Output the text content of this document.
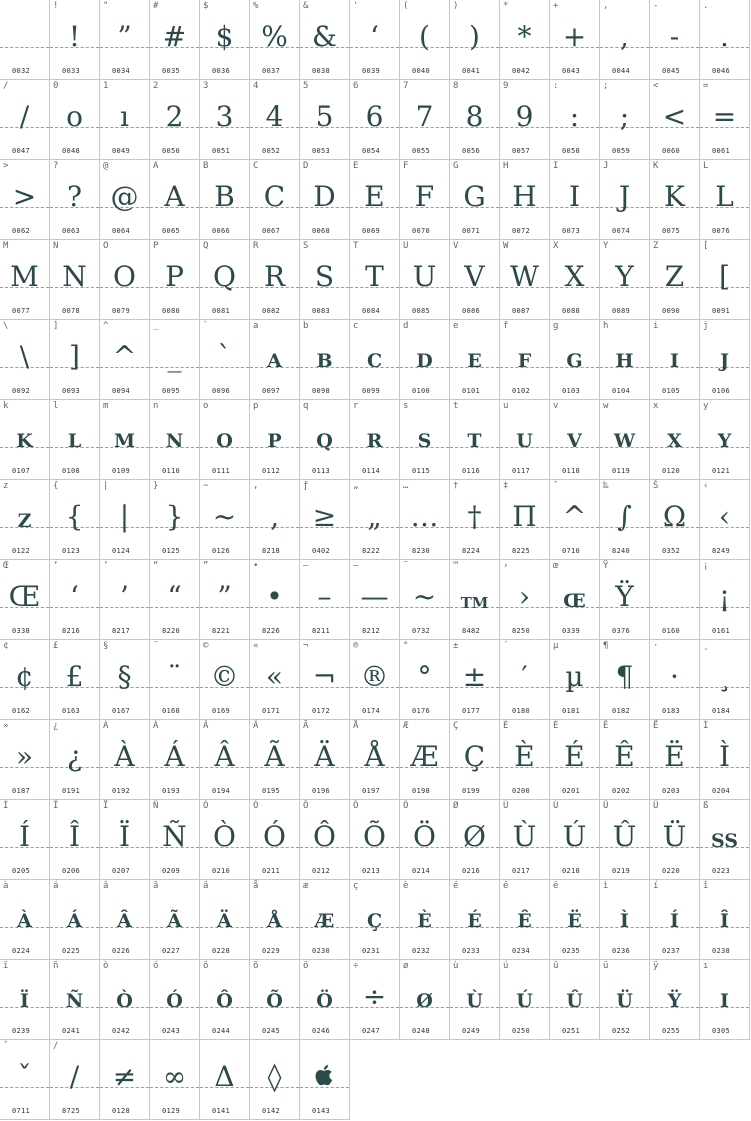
0032
!
!
0033
"
”
0034
#
#
0035
$
$
0036
%
%
0037
&
&
0038
'
‘
0039
(
(
0040
)
)
0041
*
*
0042
+
+
0043
,
,
0044
-
-
0045
.
.
0046
/
/
0047
0
o
0048
1
ı
0049
2
2
0050
3
3
0051
4
4
0052
5
5
0053
6
6
0054
7
7
0055
8
8
0056
9
9
0057
:
:
0058
;
;
0059
<
<
0060
=
=
0061
>
>
0062
?
?
0063
@
@
0064
A
A
0065
B
B
0066
C
C
0067
D
D
0068
E
E
0069
F
F
0070
G
G
0071
H
H
0072
I
I
0073
J
J
0074
K
K
0075
L
L
0076
M
M
0077
N
N
0078
O
O
0079
P
P
0080
Q
Q
0081
R
R
0082
S
S
0083
T
T
0084
U
U
0085
V
V
0086
W
W
0087
X
X
0088
Y
Y
0089
Z
Z
0090
[
[
0091
\
\
0092
]
]
0093
^
^
0094
_
_
0095
`
`
0096
a
A
0097
b
B
0098
c
C
0099
d
D
0100
e
E
0101
f
F
0102
g
G
0103
h
H
0104
i
I
0105
j
J
0106
k
K
0107
l
L
0108
m
M
0109
n
N
0110
o
O
0111
p
P
0112
q
Q
0113
r
R
0114
s
S
0115
t
T
0116
u
U
0117
v
V
0118
w
W
0119
x
X
0120
y
Y
0121
z
Z
0122
{
{
0123
|
|
0124
}
}
0125
~
~
0126
‚
‚
8218
ƒ
≥
0402
„
„
8222
…
…
8230
†
†
8224
‡
Π
8225
ˆ
^
0710
‰
∫
8240
Š
Ω
0352
‹
‹
8249
Œ
Œ
0338
‘
‘
8216
’
’
8217
“
“
8220
”
”
8221
•
•
8226
–
–
8211
—
—
8212
˜
~
0732
™
TM
8482
›
›
8250
œ
Œ
0339
Ÿ
Ÿ
0376

	0160
¡
¡
0161
¢
¢
0162
£
£
0163
§
§
0167
¨
¨
0168
©
©
0169
«
«
0171
¬
¬
0172
®
®
0174
°
°
0176
±
±
0177
´
′
0180
µ
µ
0181
¶
¶
0182
·
·
0183
¸
¸
0184
»
»
0187
¿
¿
0191
À
À
0192
Á
Á
0193
Â
Â
0194
Ã
Ã
0195
Ä
Ä
0196
Å
Å
0197
Æ
Æ
0198
Ç
Ç
0199
È
È
0200
É
É
0201
Ê
Ê
0202
Ë
Ë
0203
Ì
Ì
0204
Í
Í
0205
Î
Î
0206
Ï
Ï
0207
Ñ
Ñ
0209
Ò
Ò
0210
Ó
Ó
0211
Ô
Ô
0212
Õ
Õ
0213
Ö
Ö
0214
Ø
Ø
0216
Ù
Ù
0217
Ú
Ú
0218
Û
Û
0219
Ü
Ü
0220
ß
SS
0223
à
À
0224
á
Á
0225
â
Â
0226
ã
Ã
0227
ä
Ä
0228
å
Å
0229
æ
Æ
0230
ç
Ç
0231
è
È
0232
é
É
0233
ê
Ê
0234
ë
Ë
0235
ì
Ì
0236
í
Í
0237
î
Î
0238
ï
Ï
0239
ñ
Ñ
0241
ò
Ò
0242
ó
Ó
0243
ô
Ô
0244
õ
Õ
0245
ö
Ö
0246
÷
÷
0247
ø
Ø
0248
ù
Ù
0249
ú
Ú
0250
û
Û
0251
ü
Ü
0252
ÿ
Ÿ
0255
ı
I
0305
ˇ
ˇ
0711
∕
∕
8725

≠
0128

∞
0129

Δ
0141

◊
0142
	0143
